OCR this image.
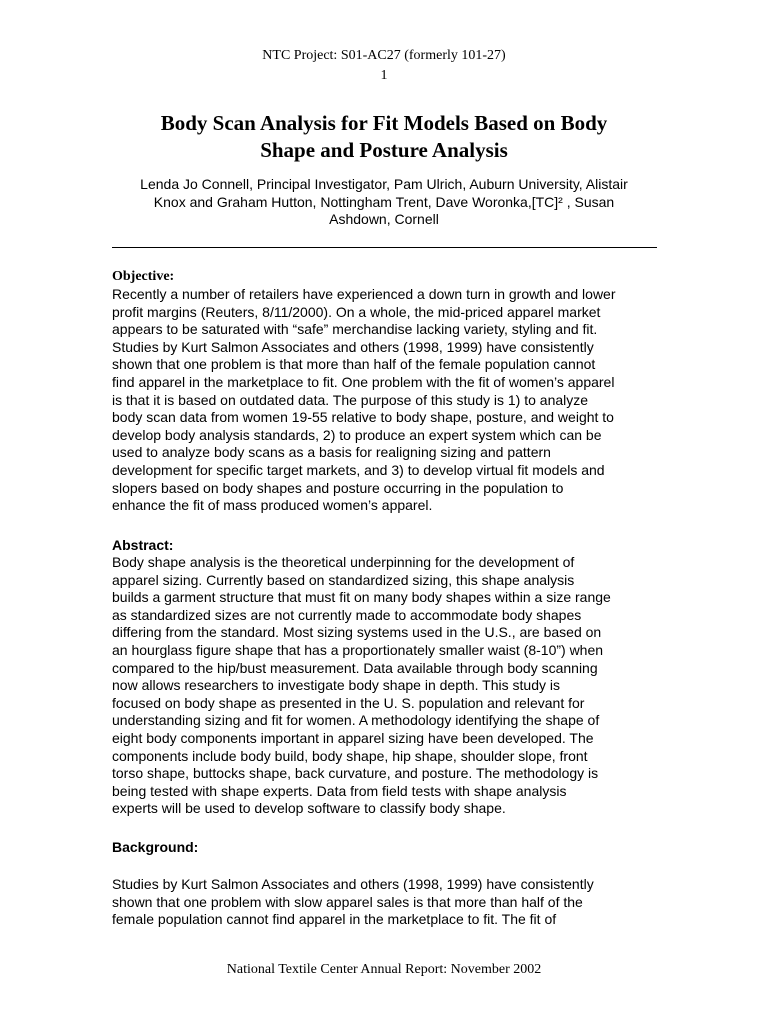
NTC Project: S01-AC27 (formerly 101-27)
1
Body Scan Analysis for Fit Models Based on Body
Shape and Posture Analysis
Lenda Jo Connell, Principal Investigator, Pam Ulrich, Auburn University, Alistair
Knox and Graham Hutton, Nottingham Trent, Dave Woronka,[TC]² , Susan
Ashdown, Cornell
Objective:
Recently a number of retailers have experienced a down turn in growth and lower
profit margins (Reuters, 8/11/2000). On a whole, the mid-priced apparel market
appears to be saturated with “safe” merchandise lacking variety, styling and fit.
Studies by Kurt Salmon Associates and others (1998, 1999) have consistently
shown that one problem is that more than half of the female population cannot
find apparel in the marketplace to fit. One problem with the fit of women’s apparel
is that it is based on outdated data. The purpose of this study is 1) to analyze
body scan data from women 19-55 relative to body shape, posture, and weight to
develop body analysis standards, 2) to produce an expert system which can be
used to analyze body scans as a basis for realigning sizing and pattern
development for specific target markets, and 3) to develop virtual fit models and
slopers based on body shapes and posture occurring in the population to
enhance the fit of mass produced women’s apparel.
Abstract:
Body shape analysis is the theoretical underpinning for the development of
apparel sizing. Currently based on standardized sizing, this shape analysis
builds a garment structure that must fit on many body shapes within a size range
as standardized sizes are not currently made to accommodate body shapes
differing from the standard. Most sizing systems used in the U.S., are based on
an hourglass figure shape that has a proportionately smaller waist (8-10”) when
compared to the hip/bust measurement. Data available through body scanning
now allows researchers to investigate body shape in depth. This study is
focused on body shape as presented in the U. S. population and relevant for
understanding sizing and fit for women. A methodology identifying the shape of
eight body components important in apparel sizing have been developed. The
components include body build, body shape, hip shape, shoulder slope, front
torso shape, buttocks shape, back curvature, and posture. The methodology is
being tested with shape experts. Data from field tests with shape analysis
experts will be used to develop software to classify body shape.
Background:
Studies by Kurt Salmon Associates and others (1998, 1999) have consistently
shown that one problem with slow apparel sales is that more than half of the
female population cannot find apparel in the marketplace to fit. The fit of
National Textile Center Annual Report: November 2002
